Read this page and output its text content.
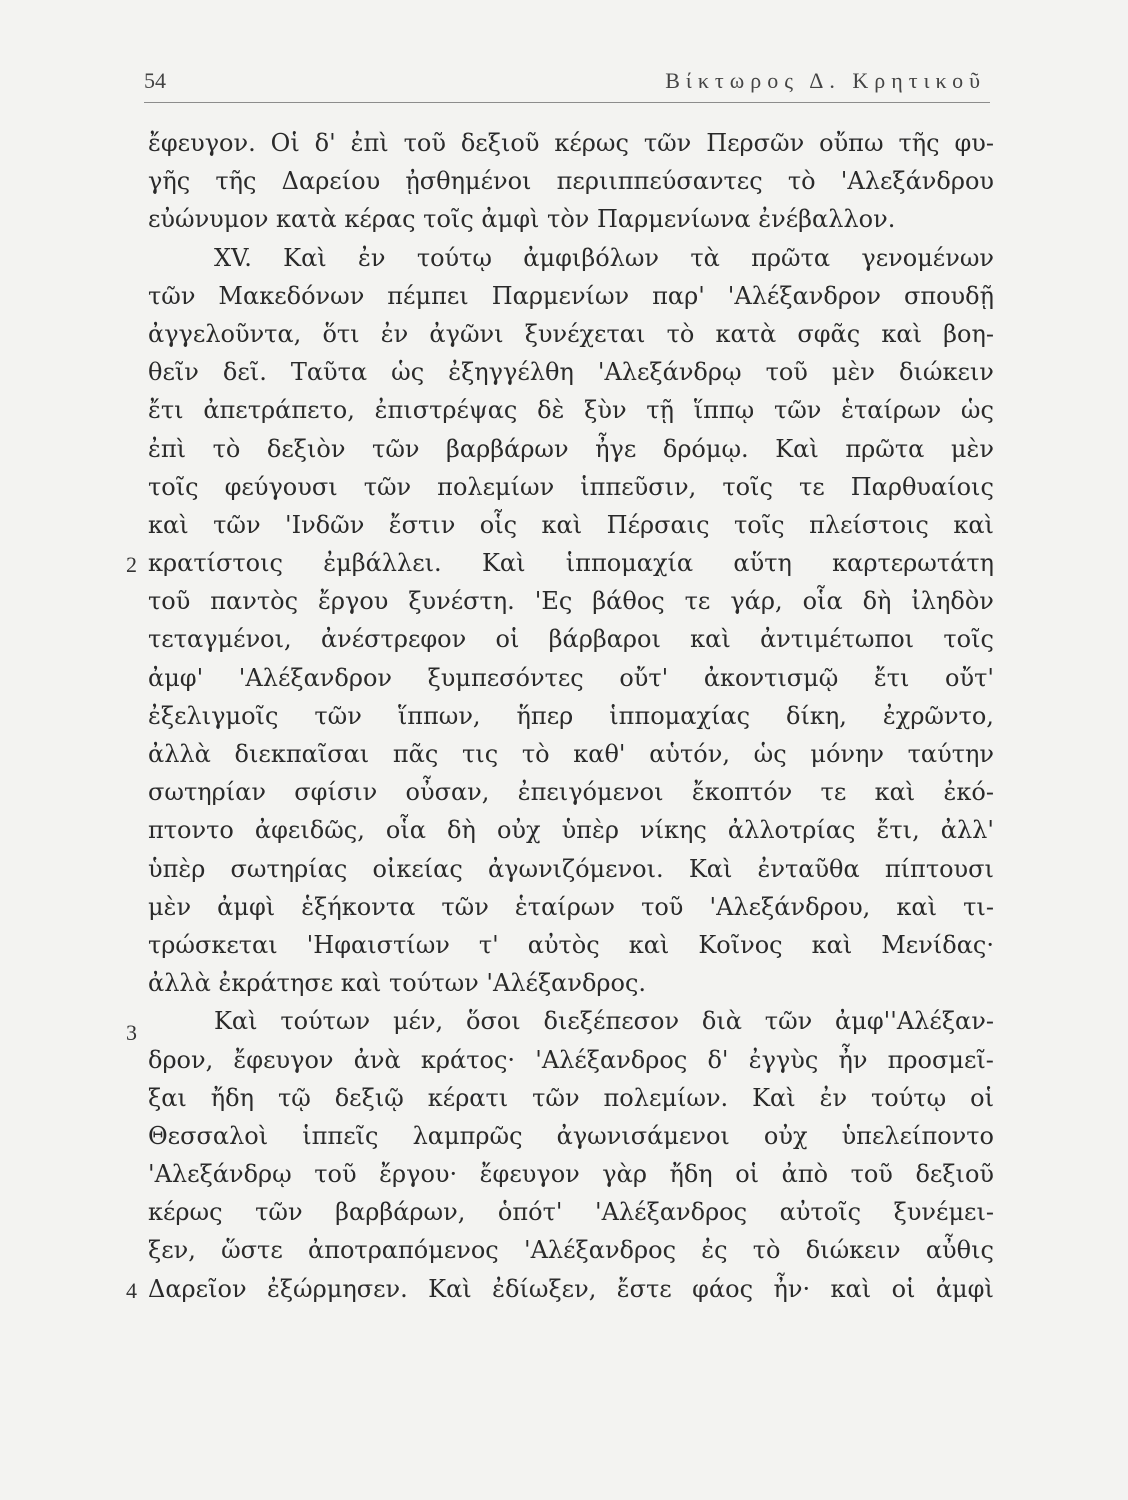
54	Βίκτωρος Δ. Κρητικοῦ
ἔφευγον. Οἱ δ' ἐπὶ τοῦ δεξιοῦ κέρως τῶν Περσῶν οὔπω τῆς φυ-
γῆς τῆς Δαρείου ᾐσθημένοι περιιππεύσαντες τὸ 'Αλεξάνδρου
εὐώνυμον κατὰ κέρας τοῖς ἀμφὶ τὸν Παρμενίωνα ἐνέβαλλον.
XV. Καὶ ἐν τούτῳ ἀμφιβόλων τὰ πρῶτα γενομένων
τῶν Μακεδόνων πέμπει Παρμενίων παρ' 'Αλέξανδρον σπουδῇ
ἀγγελοῦντα, ὅτι ἐν ἀγῶνι ξυνέχεται τὸ κατὰ σφᾶς καὶ βοη-
θεῖν δεῖ. Ταῦτα ὡς ἐξηγγέλθη 'Αλεξάνδρῳ τοῦ μὲν διώκειν
ἔτι ἀπετράπετο, ἐπιστρέψας δὲ ξὺν τῇ ἵππῳ τῶν ἑταίρων ὡς
ἐπὶ τὸ δεξιὸν τῶν βαρβάρων ἦγε δρόμῳ. Καὶ πρῶτα μὲν
τοῖς φεύγουσι τῶν πολεμίων ἱππεῦσιν, τοῖς τε Παρθυαίοις
καὶ τῶν 'Ινδῶν ἔστιν οἷς καὶ Πέρσαις τοῖς πλείστοις καὶ
2 κρατίστοις ἐμβάλλει. Καὶ ἱππομαχία αὕτη καρτερωτάτη
τοῦ παντὸς ἔργου ξυνέστη. 'Ες βάθος τε γάρ, οἷα δὴ ἰληδὸν
τεταγμένοι, ἀνέστρεφον οἱ βάρβαροι καὶ ἀντιμέτωποι τοῖς
ἀμφ' 'Αλέξανδρον ξυμπεσόντες οὔτ' ἀκοντισμῷ ἔτι οὔτ'
ἐξελιγμοῖς τῶν ἵππων, ἥπερ ἱππομαχίας δίκη, ἐχρῶντο,
ἀλλὰ διεκπαῖσαι πᾶς τις τὸ καθ' αὑτόν, ὡς μόνην ταύτην
σωτηρίαν σφίσιν οὖσαν, ἐπειγόμενοι ἔκοπτόν τε καὶ ἐκό-
πτοντο ἀφειδῶς, οἷα δὴ οὐχ ὑπὲρ νίκης ἀλλοτρίας ἔτι, ἀλλ'
ὑπὲρ σωτηρίας οἰκείας ἀγωνιζόμενοι. Καὶ ἐνταῦθα πίπτουσι
μὲν ἀμφὶ ἑξήκοντα τῶν ἑταίρων τοῦ 'Αλεξάνδρου, καὶ τι-
τρώσκεται 'Ηφαιστίων τ' αὐτὸς καὶ Κοῖνος καὶ Μενίδας·
ἀλλὰ ἐκράτησε καὶ τούτων 'Αλέξανδρος.
3	Καὶ τούτων μέν, ὅσοι διεξέπεσον διὰ τῶν ἀμφ''Αλέξαν-
δρον, ἔφευγον ἀνὰ κράτος· 'Αλέξανδρος δ' ἐγγὺς ἦν προσμεῖ-
ξαι ἤδη τῷ δεξιῷ κέρατι τῶν πολεμίων. Καὶ ἐν τούτῳ οἱ
Θεσσαλοὶ ἱππεῖς λαμπρῶς ἀγωνισάμενοι οὐχ ὑπελείποντο
'Αλεξάνδρῳ τοῦ ἔργου· ἔφευγον γὰρ ἤδη οἱ ἀπὸ τοῦ δεξιοῦ
κέρως τῶν βαρβάρων, ὁπότ' 'Αλέξανδρος αὐτοῖς ξυνέμει-
ξεν, ὥστε ἀποτραπόμενος 'Αλέξανδρος ἐς τὸ διώκειν αὖθις
4 Δαρεῖον ἐξώρμησεν. Καὶ ἐδίωξεν, ἔστε φάος ἦν· καὶ οἱ ἀμφὶ
